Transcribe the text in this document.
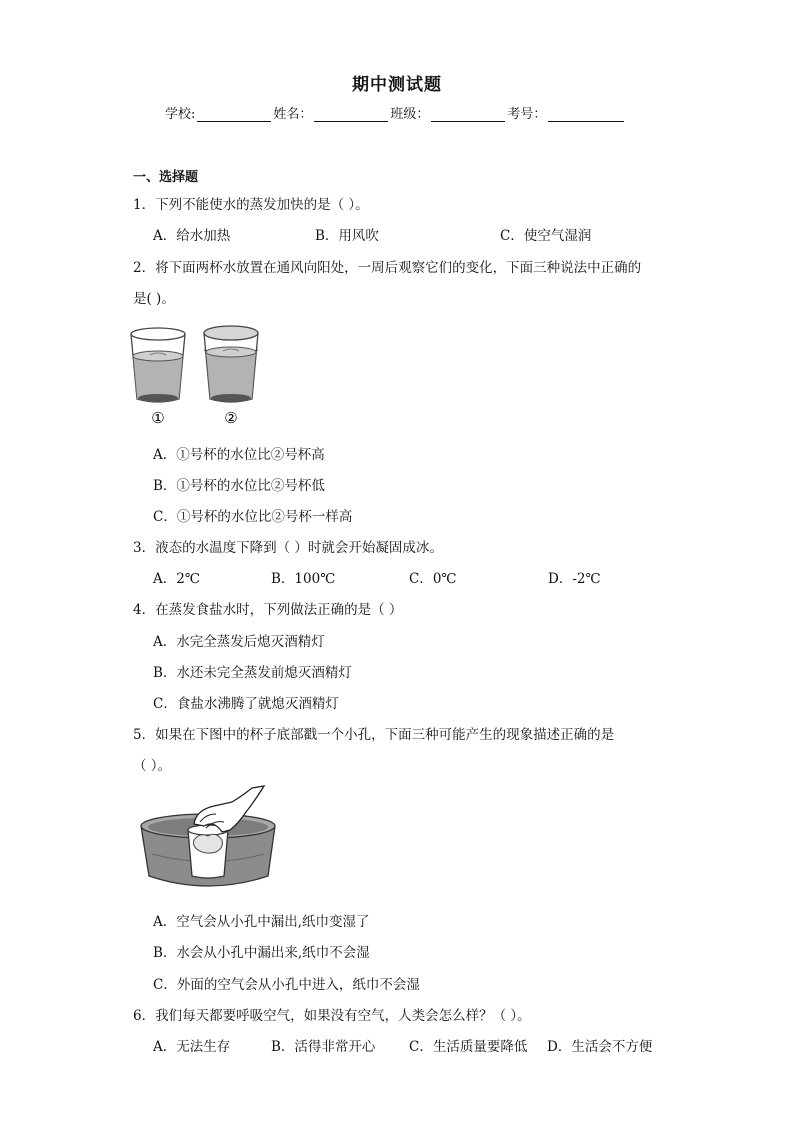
期中测试题
学校:	姓名：	班级：	考号：
一、选择题
1．下列不能使水的蒸发加快的是（ ）。
A．给水加热	B．用风吹	C．使空气湿润
2．将下面两杯水放置在通风向阳处，一周后观察它们的变化，下面三种说法中正确的
是( )。
①	②
A．①号杯的水位比②号杯高
B．①号杯的水位比②号杯低
C．①号杯的水位比②号杯一样高
3．液态的水温度下降到（ ）时就会开始凝固成冰。
A．2℃	B．100℃	C．0℃	D．-2℃
4．在蒸发食盐水时，下列做法正确的是（ ）
A．水完全蒸发后熄灭酒精灯
B．水还未完全蒸发前熄灭酒精灯
C．食盐水沸腾了就熄灭酒精灯
5．如果在下图中的杯子底部戳一个小孔，下面三种可能产生的现象描述正确的是
（ ）。
A．空气会从小孔中漏出,纸巾变湿了
B．水会从小孔中漏出来,纸巾不会湿
C．外面的空气会从小孔中进入，纸巾不会湿
6．我们每天都要呼吸空气，如果没有空气，人类会怎么样？（ ）。
A．无法生存	B．活得非常开心 C．生活质量要降低 D．生活会不方便
